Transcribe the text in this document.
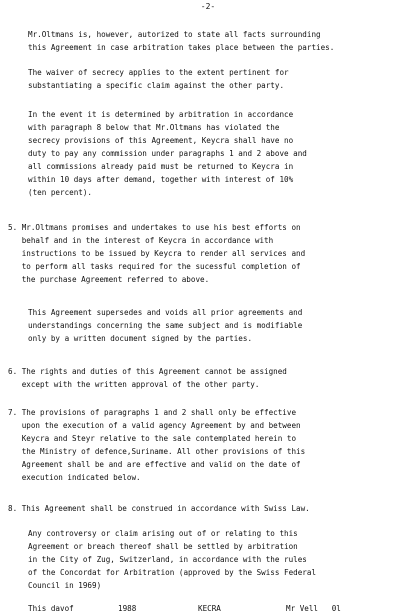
-2-
Mr.Oltmans is, however, autorized to state all facts surrounding
this Agreement in case arbitration takes place between the parties.
The waiver of secrecy applies to the extent pertinent for
substantiating a specific claim against the other party.
In the event it is determined by arbitration in accordance
with paragraph 8 below that Mr.Oltmans has violated the
secrecy provisions of this Agreement, Keycra shall have no
duty to pay any commission under paragraphs 1 and 2 above and
all commissions already paid must be returned to Keycra in
within 10 days after demand, together with interest of 10%
(ten percent).
5. Mr.Oltmans promises and undertakes to use his best efforts on
behalf and in the interest of Keycra in accordance with
instructions to be issued by Keycra to render all services and
to perform all tasks required for the sucessful completion of
the purchase Agreement referred to above.
This Agreement supersedes and voids all prior agreements and
understandings concerning the same subject and is modifiable
only by a written document signed by the parties.
6. The rights and duties of this Agreement cannot be assigned
except with the written approval of the other party.
7. The provisions of paragraphs 1 and 2 shall only be effective
upon the execution of a valid agency Agreement by and between
Keycra and Steyr relative to the sale contemplated herein to
the Ministry of defence,Suriname. All other provisions of this
Agreement shall be and are effective and valid on the date of
execution indicated below.
8. This Agreement shall be construed in accordance with Swiss Law.
Any controversy or claim arising out of or relating to this
Agreement or breach thereof shall be settled by arbitration
in the City of Zug, Switzerland, in accordance with the rules
of the Concordat for Arbitration (approved by the Swiss Federal
Council in 1969)
This davof	1988	KECRA	Mr Vell   0l
